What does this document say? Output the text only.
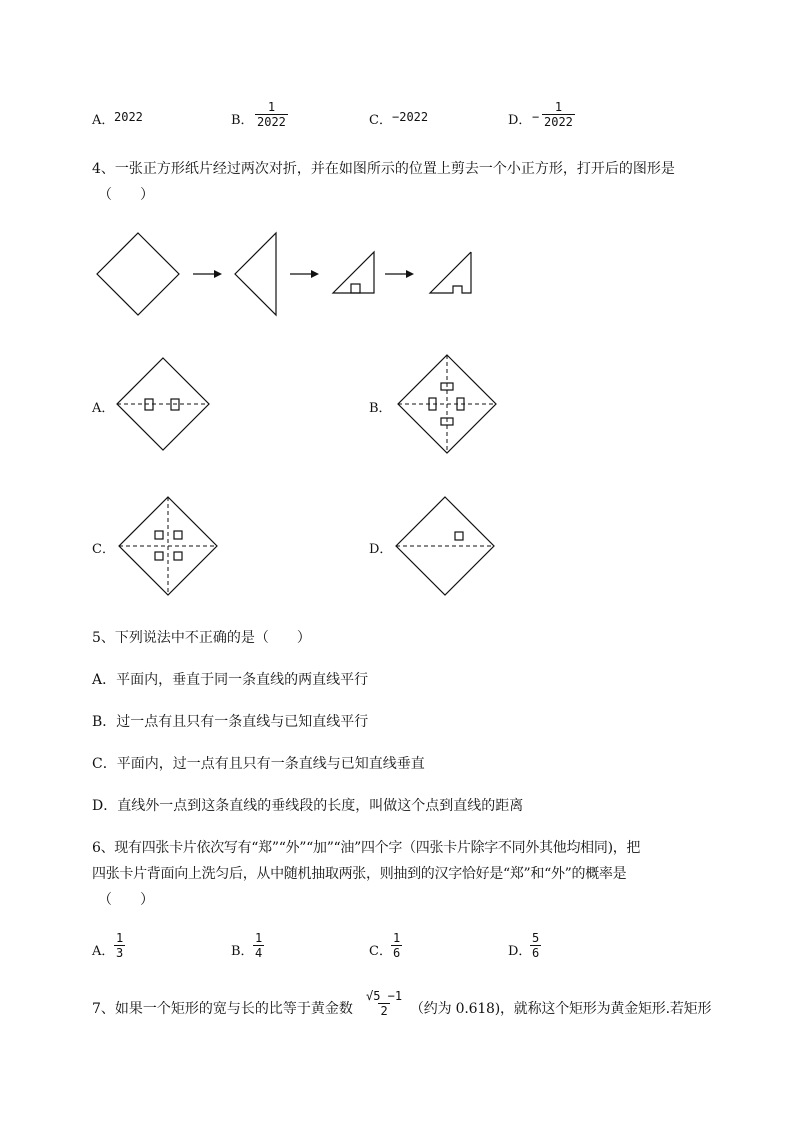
A． 2022	B． $\frac{1}{2022}$	C． −2022	D． − $\frac{1}{2022}$
4、一张正方形纸片经过两次对折，并在如图所示的位置上剪去一个小正方形，打开后的图形是
（　　）
A．	B．
C．	D．
5、下列说法中不正确的是（　　）
A．平面内，垂直于同一条直线的两直线平行
B．过一点有且只有一条直线与已知直线平行
C．平面内，过一点有且只有一条直线与已知直线垂直
D．直线外一点到这条直线的垂线段的长度，叫做这个点到直线的距离
6、现有四张卡片依次写有“郑”“外”“加”“油”四个字（四张卡片除字不同外其他均相同)，把
四张卡片背面向上洗匀后，从中随机抽取两张，则抽到的汉字恰好是“郑”和“外”的概率是
（　　）
A． $\frac{1}{3}$	B． $\frac{1}{4}$	C． $\frac{1}{6}$	D．
$\frac{5}{6}$
7、如果一个矩形的宽与长的比等于黄金数 $\frac{√5 -1}{2}$ （约为 0.618)，就称这个矩形为黄金矩形.若矩形
